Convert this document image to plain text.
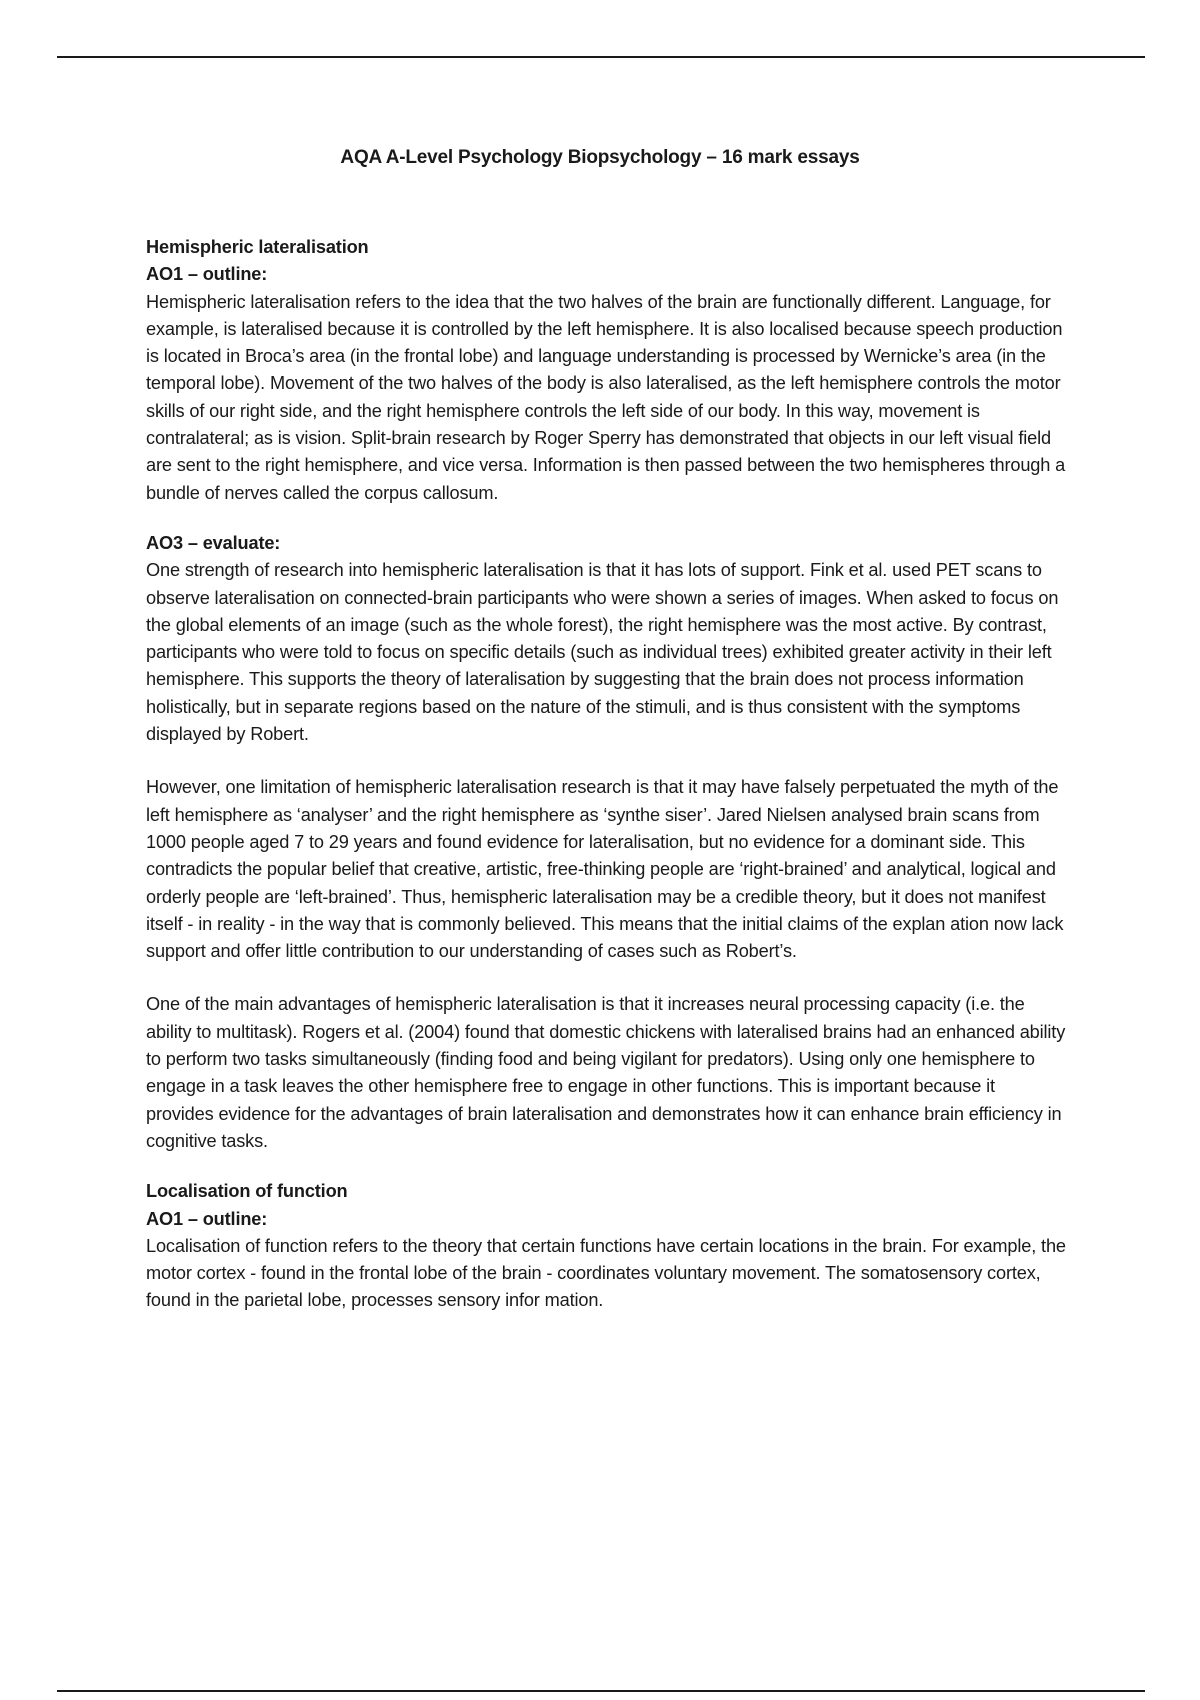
AQA A-Level Psychology Biopsychology – 16 mark essays

Hemispheric lateralisation

AO1 – outline:

Hemispheric lateralisation refers to the idea that the two halves of the brain are functionally different. Language, for example, is lateralised because it is controlled by the left hemisphere. It is also localised because speech production is located in Broca’s area (in the frontal lobe) and language understanding is processed by Wernicke’s area (in the temporal lobe). Movement of the two halves of the body is also lateralised, as the left hemisphere controls the motor skills of our right side, and the right hemisphere controls the left side of our body. In this way, movement is contralateral; as is vision. Split-brain research by Roger Sperry has demonstrated that objects in our left visual field are sent to the right hemisphere, and vice versa. Information is then passed between the two hemispheres through a bundle of nerves called the corpus callosum.

AO3 – evaluate:

One strength of research into hemispheric lateralisation is that it has lots of support. Fink et al. used PET scans to observe lateralisation on connected-brain participants who were shown a series of images. When asked to focus on the global elements of an image (such as the whole forest), the right hemisphere was the most active. By contrast, participants who were told to focus on specific details (such as individual trees) exhibited greater activity in their left hemisphere. This supports the theory of lateralisation by suggesting that the brain does not process information holistically, but in separate regions based on the nature of the stimuli, and is thus consistent with the symptoms displayed by Robert.

However, one limitation of hemispheric lateralisation research is that it may have falsely perpetuated the myth of the left hemisphere as ‘analyser’ and the right hemisphere as ‘synthe siser’. Jared Nielsen analysed brain scans from 1000 people aged 7 to 29 years and found evidence for lateralisation, but no evidence for a dominant side. This contradicts the popular belief that creative, artistic, free-thinking people are ‘right-brained’ and analytical, logical and orderly people are ‘left-brained’. Thus, hemispheric lateralisation may be a credible theory, but it does not manifest itself - in reality - in the way that is commonly believed. This means that the initial claims of the explan ation now lack support and offer little contribution to our understanding of cases such as Robert’s.

One of the main advantages of hemispheric lateralisation is that it increases neural processing capacity (i.e. the ability to multitask). Rogers et al. (2004) found that domestic chickens with lateralised brains had an enhanced ability to perform two tasks simultaneously (finding food and being vigilant for predators). Using only one hemisphere to engage in a task leaves the other hemisphere free to engage in other functions. This is important because it provides evidence for the advantages of brain lateralisation and demonstrates how it can enhance brain efficiency in cognitive tasks.

Localisation of function

AO1 – outline:

Localisation of function refers to the theory that certain functions have certain locations in the brain. For example, the motor cortex - found in the frontal lobe of the brain - coordinates voluntary movement. The somatosensory cortex, found in the parietal lobe, processes sensory infor mation.
